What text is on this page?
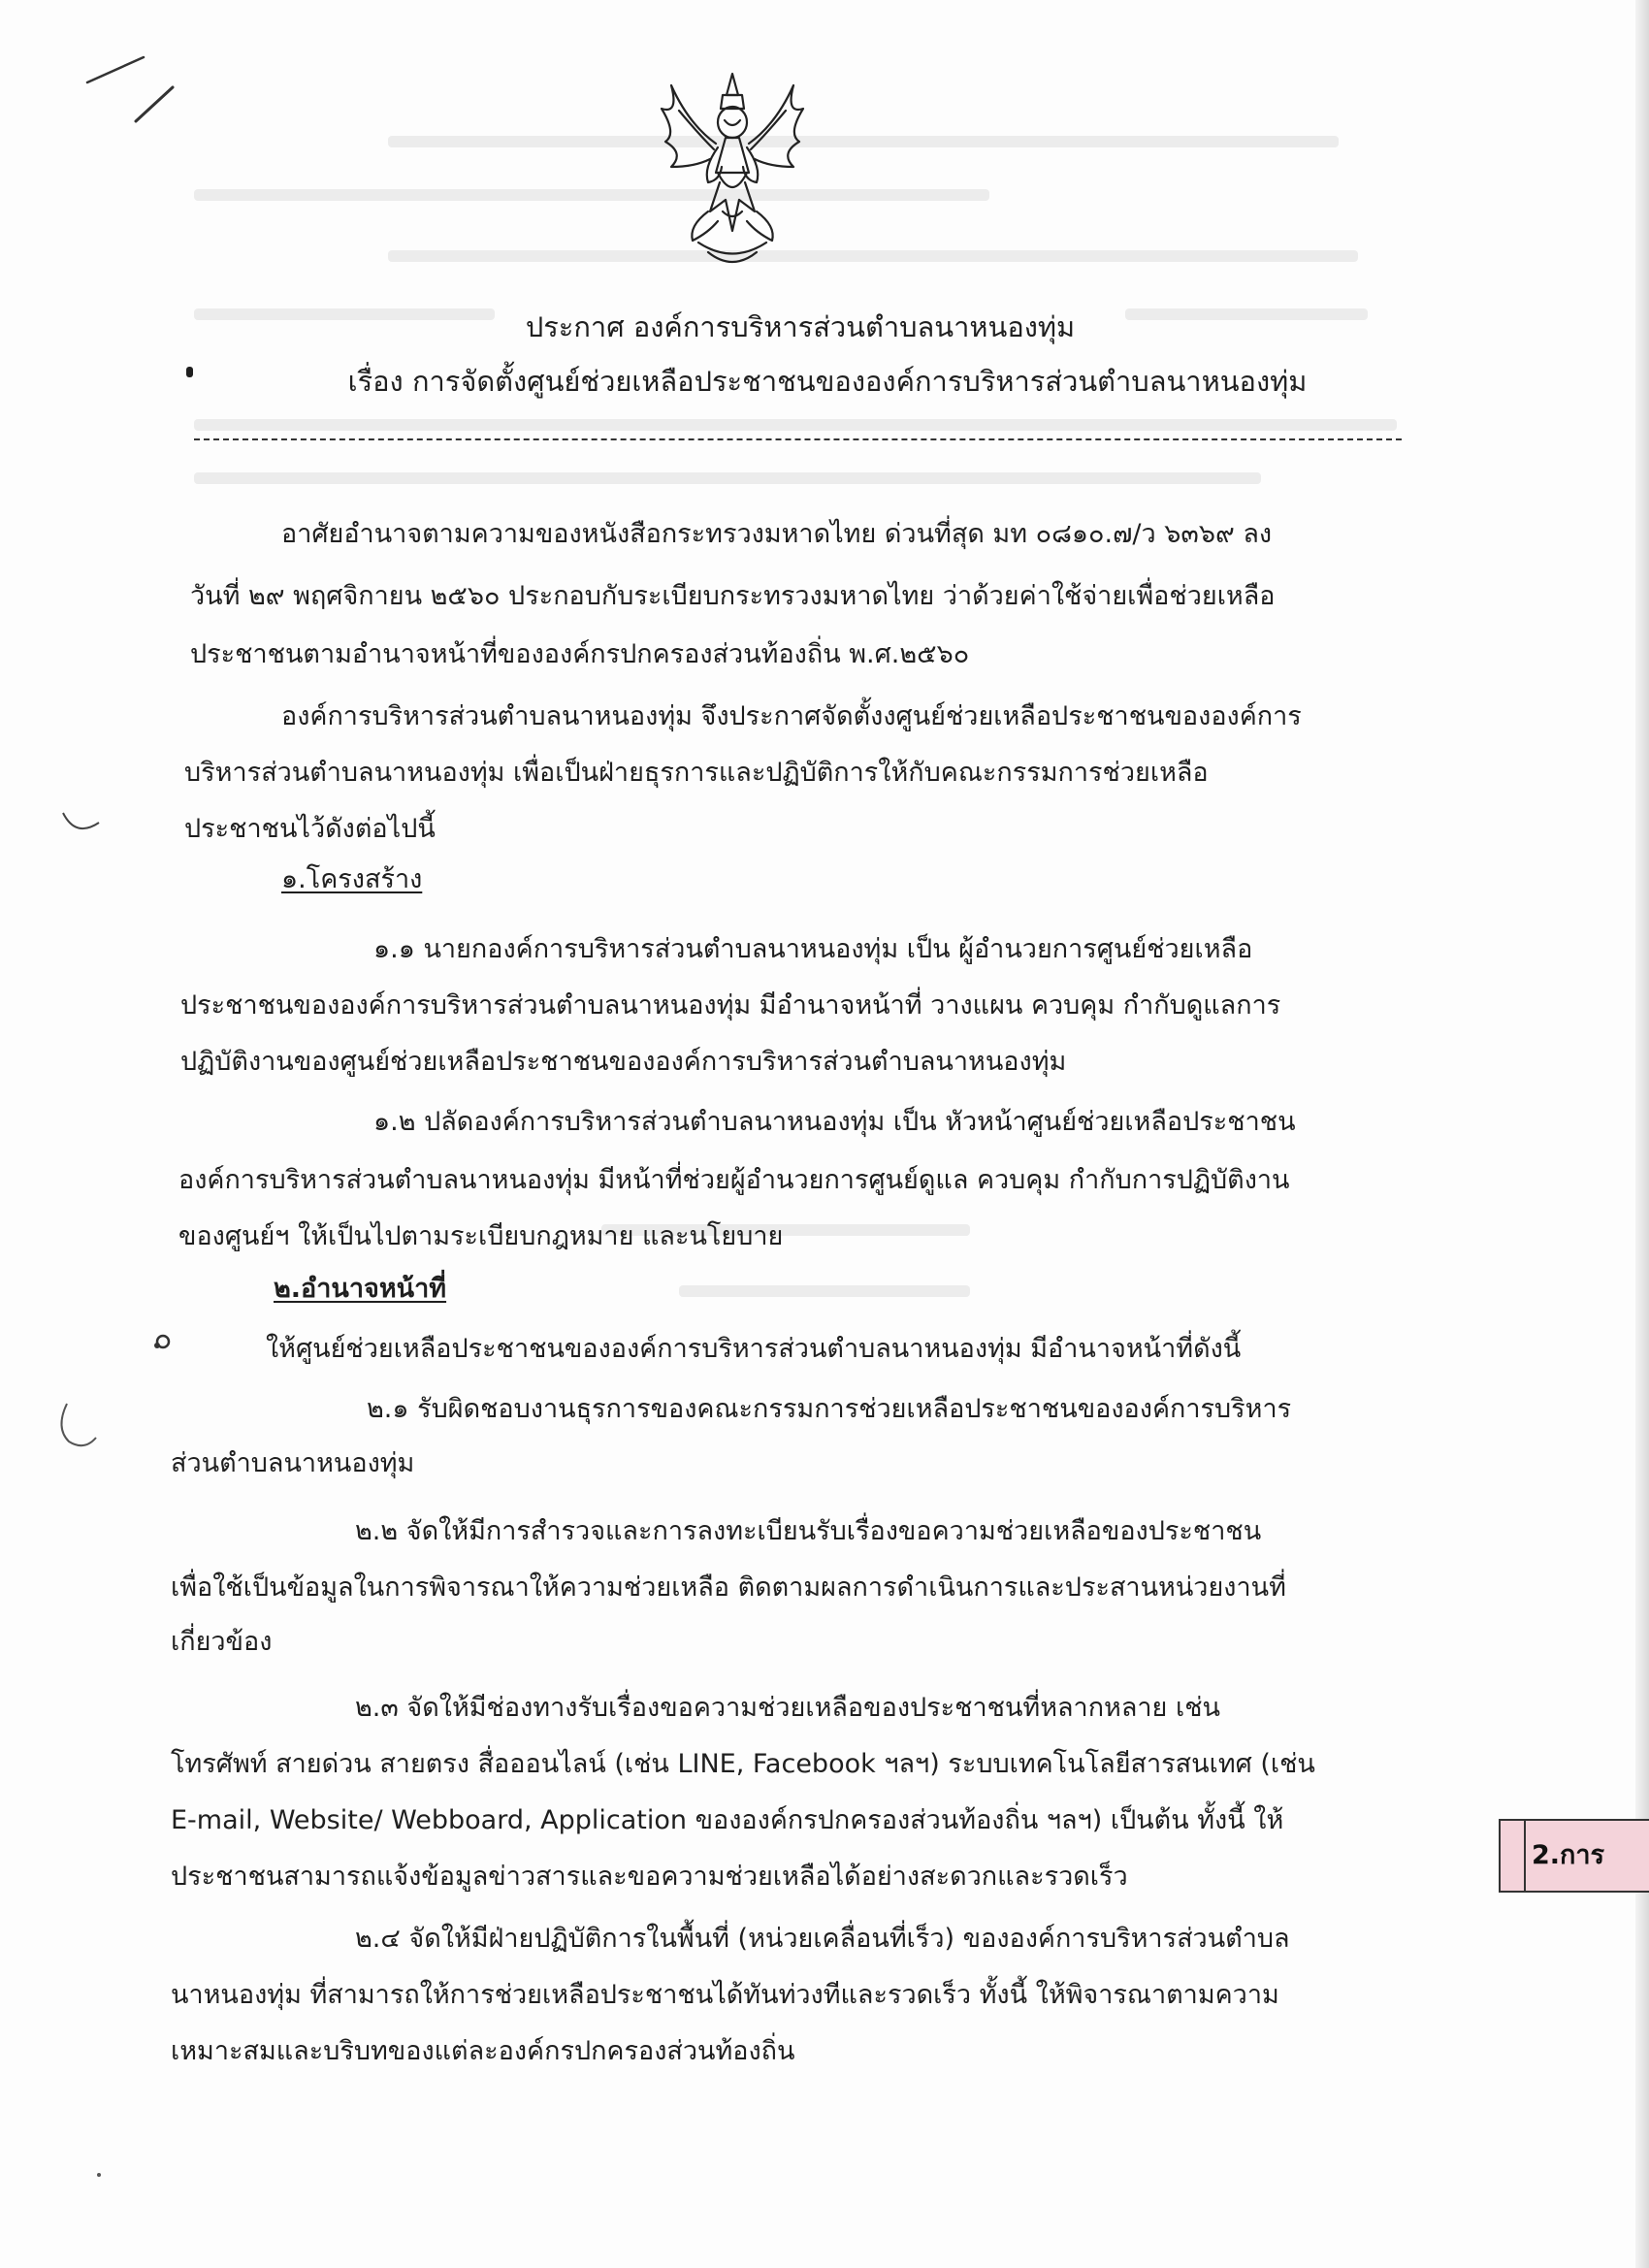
ประกาศ องค์การบริหารส่วนตำบลนาหนองทุ่ม
เรื่อง การจัดตั้งศูนย์ช่วยเหลือประชาชนขององค์การบริหารส่วนตำบลนาหนองทุ่ม
อาศัยอำนาจตามความของหนังสือกระทรวงมหาดไทย ด่วนที่สุด มท ๐๘๑๐.๗/ว ๖๓๖๙ ลง
วันที่ ๒๙ พฤศจิกายน ๒๕๖๐ ประกอบกับระเบียบกระทรวงมหาดไทย ว่าด้วยค่าใช้จ่ายเพื่อช่วยเหลือ
ประชาชนตามอำนาจหน้าที่ขององค์กรปกครองส่วนท้องถิ่น พ.ศ.๒๕๖๐
องค์การบริหารส่วนตำบลนาหนองทุ่ม จึงประกาศจัดตั้งงศูนย์ช่วยเหลือประชาชนขององค์การ
บริหารส่วนตำบลนาหนองทุ่ม เพื่อเป็นฝ่ายธุรการและปฏิบัติการให้กับคณะกรรมการช่วยเหลือ
ประชาชนไว้ดังต่อไปนี้
๑.โครงสร้าง
๑.๑ นายกองค์การบริหารส่วนตำบลนาหนองทุ่ม เป็น ผู้อำนวยการศูนย์ช่วยเหลือ
ประชาชนขององค์การบริหารส่วนตำบลนาหนองทุ่ม มีอำนาจหน้าที่ วางแผน ควบคุม กำกับดูแลการ
ปฏิบัติงานของศูนย์ช่วยเหลือประชาชนขององค์การบริหารส่วนตำบลนาหนองทุ่ม
๑.๒ ปลัดองค์การบริหารส่วนตำบลนาหนองทุ่ม เป็น หัวหน้าศูนย์ช่วยเหลือประชาชน
องค์การบริหารส่วนตำบลนาหนองทุ่ม มีหน้าที่ช่วยผู้อำนวยการศูนย์ดูแล ควบคุม กำกับการปฏิบัติงาน
ของศูนย์ฯ ให้เป็นไปตามระเบียบกฎหมาย และนโยบาย
๒.อำนาจหน้าที่
ให้ศูนย์ช่วยเหลือประชาชนขององค์การบริหารส่วนตำบลนาหนองทุ่ม มีอำนาจหน้าที่ดังนี้
๒.๑ รับผิดชอบงานธุรการของคณะกรรมการช่วยเหลือประชาชนขององค์การบริหาร
ส่วนตำบลนาหนองทุ่ม
๒.๒ จัดให้มีการสำรวจและการลงทะเบียนรับเรื่องขอความช่วยเหลือของประชาชน
เพื่อใช้เป็นข้อมูลในการพิจารณาให้ความช่วยเหลือ ติดตามผลการดำเนินการและประสานหน่วยงานที่
เกี่ยวข้อง
๒.๓ จัดให้มีช่องทางรับเรื่องขอความช่วยเหลือของประชาชนที่หลากหลาย เช่น
โทรศัพท์ สายด่วน สายตรง สื่อออนไลน์ (เช่น LINE, Facebook ฯลฯ) ระบบเทคโนโลยีสารสนเทศ (เช่น
E-mail, Website/ Webboard, Application ขององค์กรปกครองส่วนท้องถิ่น ฯลฯ) เป็นต้น ทั้งนี้ ให้
ประชาชนสามารถแจ้งข้อมูลข่าวสารและขอความช่วยเหลือได้อย่างสะดวกและรวดเร็ว
๒.๔ จัดให้มีฝ่ายปฏิบัติการในพื้นที่ (หน่วยเคลื่อนที่เร็ว) ขององค์การบริหารส่วนตำบล
นาหนองทุ่ม ที่สามารถให้การช่วยเหลือประชาชนได้ทันท่วงทีและรวดเร็ว ทั้งนี้ ให้พิจารณาตามความ
เหมาะสมและบริบทของแต่ละองค์กรปกครองส่วนท้องถิ่น
2.การ
